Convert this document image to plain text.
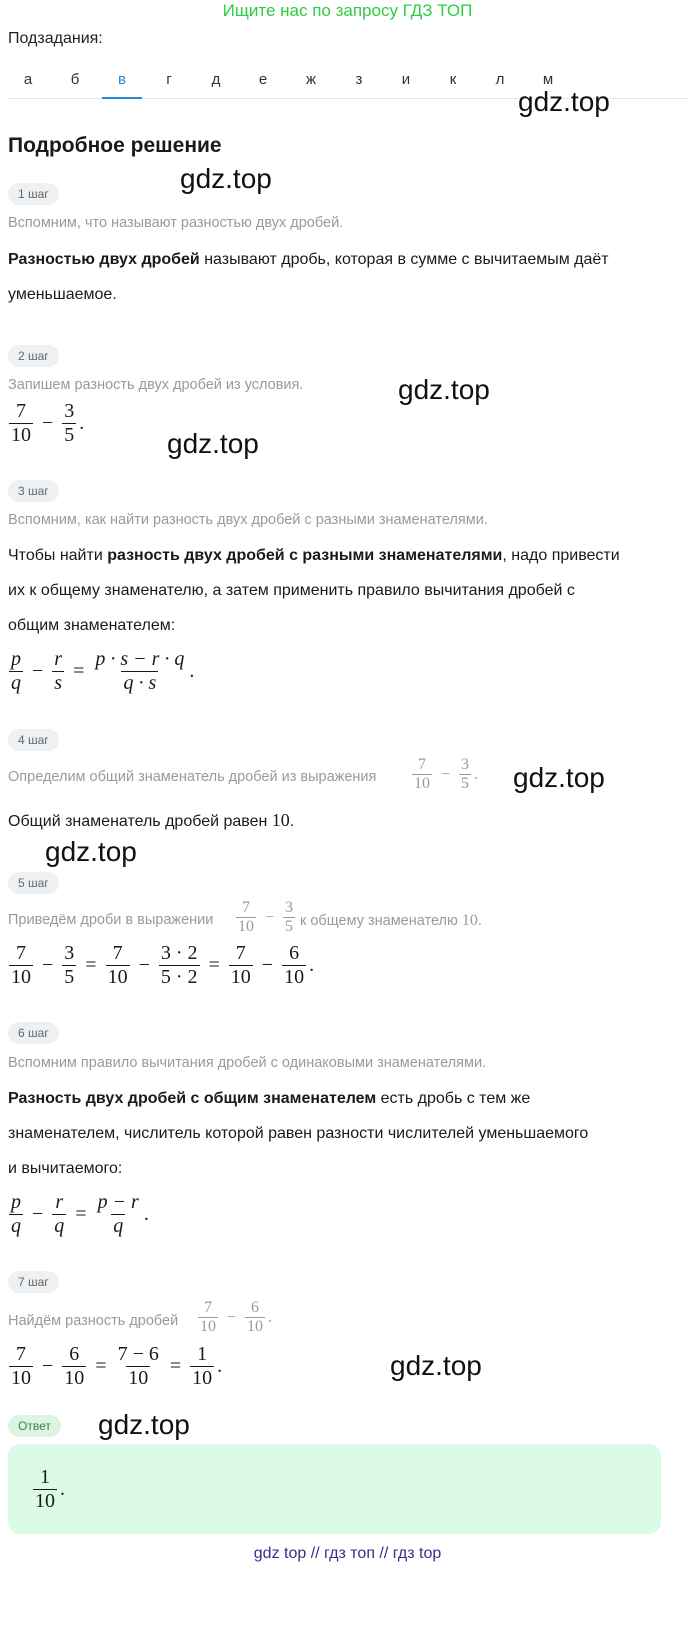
Ищите нас по запросу ГДЗ ТОП
Подзадания:
а	б	в	г	д	е	ж	з	и	к	л	м
gdz.top
Подробное решение
1 шаг	gdz.top
Вспомним, что называют разностью двух дробей.
Разностью двух дробей называют дробь, которая в сумме с вычитаемым даёт
уменьшаемое.
2 шаг
Запишем разность двух дробей из условия.	gdz.top
$\frac{7}{10} - \frac{3}{5}$ .
gdz.top
3 шаг
Вспомним, как найти разность двух дробей с разными знаменателями.
Чтобы найти разность двух дробей с разными знаменателями, надо привести
их к общему знаменателю, а затем применить правило вычитания дробей с
общим знаменателем:
$\frac{p}{q} - \frac{r}{s} = \frac{p \cdot s - r \cdot q}{q \cdot s}$ .
4 шаг
Определим общий знаменатель дробей из выражения $\frac{7}{10} - \frac{3}{5}$ . gdz.top
Общий знаменатель дробей равен 10.
gdz.top
5 шаг
Приведём дроби в выражении $\frac{7}{10} - \frac{3}{5}$ к общему знаменателю 10.
$\frac{7}{10} - \frac{3}{5} = \frac{7}{10} - \frac{3 \cdot 2}{5 \cdot 2} = \frac{7}{10} - \frac{6}{10}$ .
6 шаг
Вспомним правило вычитания дробей с одинаковыми знаменателями.
Разность двух дробей с общим знаменателем есть дробь с тем же
знаменателем, числитель которой равен разности числителей уменьшаемого
и вычитаемого:
$\frac{p}{q} - \frac{r}{q} = \frac{p - r}{q}$ .
7 шаг
Найдём разность дробей $\frac{7}{10} - \frac{6}{10}$ .
$\frac{7}{10} - \frac{6}{10} = \frac{7 - 6}{10} = \frac{1}{10}$ .	gdz.top
Ответ	gdz.top
$\frac{1}{10}$ .
gdz top // гдз топ // гдз top
